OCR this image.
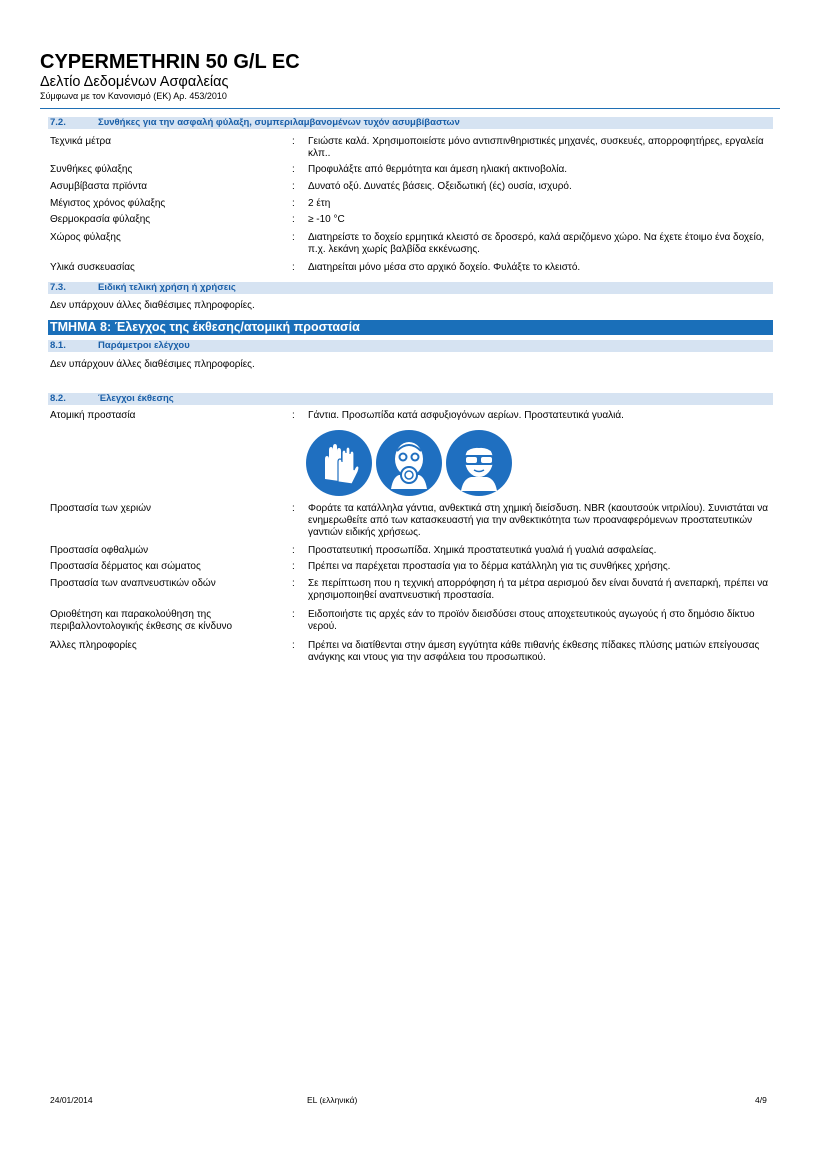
CYPERMETHRIN 50 G/L EC
Δελτίο Δεδομένων Ασφαλείας
Σύμφωνα με τον Κανονισμό (ΕΚ) Αρ. 453/2010
7.2.	Συνθήκες για την ασφαλή φύλαξη, συμπεριλαμβανομένων τυχόν ασυμβίβαστων
Τεχνικά μέτρα	: Γειώστε καλά. Χρησιμοποιείστε μόνο αντισπινθηριστικές μηχανές, συσκευές, απορροφητήρες, εργαλεία κλπ..
Συνθήκες φύλαξης	: Προφυλάξτε από θερμότητα και άμεση ηλιακή ακτινοβολία.
Ασυμβίβαστα πρϊόντα	: Δυνατό οξύ. Δυνατές βάσεις. Οξειδωτική (ές) ουσία, ισχυρό.
Μέγιστος χρόνος φύλαξης	: 2 έτη
Θερμοκρασία φύλαξης	: ≥ -10 °C
Χώρος φύλαξης	: Διατηρείστε το δοχείο ερμητικά κλειστό σε δροσερό, καλά αεριζόμενο χώρο. Να έχετε έτοιμο ένα δοχείο, π.χ. λεκάνη χωρίς βαλβίδα εκκένωσης.
Υλικά συσκευασίας	: Διατηρείται μόνο μέσα στο αρχικό δοχείο. Φυλάξτε το κλειστό.
7.3.	Ειδική τελική χρήση ή χρήσεις
Δεν υπάρχουν άλλες διαθέσιμες πληροφορίες.
ΤΜΗΜΑ 8: Έλεγχος της έκθεσης/ατομική προστασία
8.1.	Παράμετροι ελέγχου
Δεν υπάρχουν άλλες διαθέσιμες πληροφορίες.
8.2.	Έλεγχοι έκθεσης
Ατομική προστασία	: Γάντια. Προσωπίδα κατά ασφυξιογόνων αερίων. Προστατευτικά γυαλιά.
Προστασία των χεριών	: Φοράτε τα κατάλληλα γάντια, ανθεκτικά στη χημική διείσδυση. NBR (καουτσούκ νιτριλίου). Συνιστάται να ενημερωθείτε από των κατασκευαστή για την ανθεκτικότητα των προαναφερόμενων προστατευτικών γαντιών ειδικής χρήσεως.
Προστασία οφθαλμών	: Προστατευτική προσωπίδα. Χημικά προστατευτικά γυαλιά ή γυαλιά ασφαλείας.
Προστασία δέρματος και σώματος	: Πρέπει να παρέχεται προστασία για το δέρμα κατάλληλη για τις συνθήκες χρήσης.
Προστασία των αναπνευστικών οδών	: Σε περίπτωση που η τεχνική απορρόφηση ή τα μέτρα αερισμού δεν είναι δυνατά ή ανεπαρκή, πρέπει να χρησιμοποιηθεί αναπνευστική προστασία.
Οριοθέτηση και παρακολούθηση της περιβαλλοντολογικής έκθεσης σε κίνδυνο
: Ειδοποιήστε τις αρχές εάν το προϊόν διεισδύσει στους αποχετευτικούς αγωγούς ή στο δημόσιο δίκτυο νερού.
Άλλες πληροφορίες	: Πρέπει να διατίθενται στην άμεση εγγύτητα κάθε πιθανής έκθεσης πίδακες πλύσης ματιών επείγουσας ανάγκης και ντους για την ασφάλεια του προσωπικού.
24/01/2014	EL (ελληνικά)	4/9
